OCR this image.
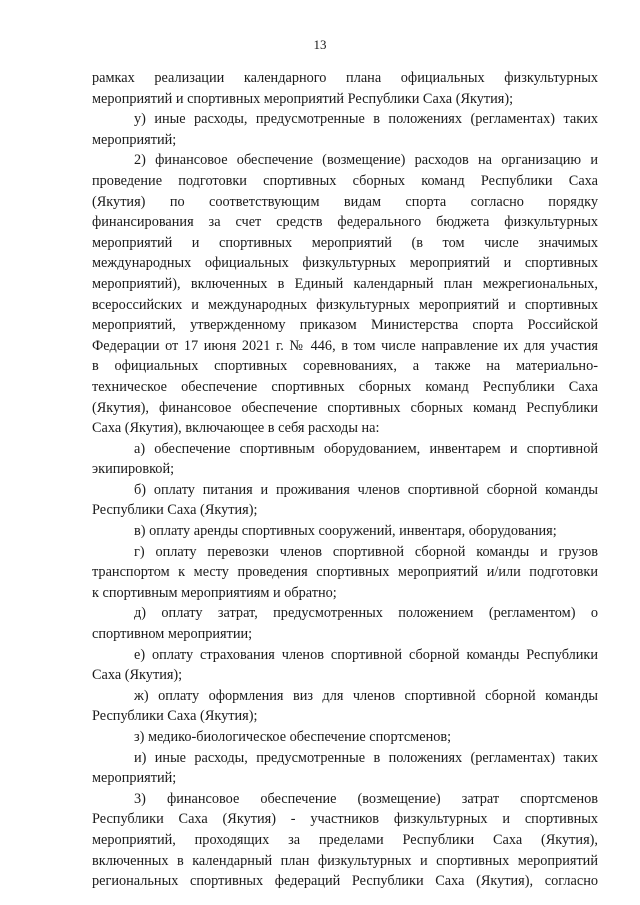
13
рамках реализации календарного плана официальных физкультурных
мероприятий и спортивных мероприятий Республики Саха (Якутия);
у) иные расходы, предусмотренные в положениях (регламентах) таких
мероприятий;
2) финансовое обеспечение (возмещение) расходов на организацию и
проведение подготовки спортивных сборных команд Республики Саха
(Якутия) по соответствующим видам спорта согласно порядку
финансирования за счет средств федерального бюджета физкультурных
мероприятий и спортивных мероприятий (в том числе значимых
международных официальных физкультурных мероприятий и спортивных
мероприятий), включенных в Единый календарный план межрегиональных,
всероссийских и международных физкультурных мероприятий и спортивных
мероприятий, утвержденному приказом Министерства спорта Российской
Федерации от 17 июня 2021 г. № 446, в том числе направление их для участия
в официальных спортивных соревнованиях, а также на материально-
техническое обеспечение спортивных сборных команд Республики Саха
(Якутия), финансовое обеспечение спортивных сборных команд Республики
Саха (Якутия), включающее в себя расходы на:
а) обеспечение спортивным оборудованием, инвентарем и спортивной
экипировкой;
б) оплату питания и проживания членов спортивной сборной команды
Республики Саха (Якутия);
в) оплату аренды спортивных сооружений, инвентаря, оборудования;
г) оплату перевозки членов спортивной сборной команды и грузов
транспортом к месту проведения спортивных мероприятий и/или подготовки
к спортивным мероприятиям и обратно;
д) оплату затрат, предусмотренных положением (регламентом) о
спортивном мероприятии;
е) оплату страхования членов спортивной сборной команды Республики
Саха (Якутия);
ж) оплату оформления виз для членов спортивной сборной команды
Республики Саха (Якутия);
з) медико-биологическое обеспечение спортсменов;
и) иные расходы, предусмотренные в положениях (регламентах) таких
мероприятий;
3) финансовое обеспечение (возмещение) затрат спортсменов
Республики Саха (Якутия) - участников физкультурных и спортивных
мероприятий, проходящих за пределами Республики Саха (Якутия),
включенных в календарный план физкультурных и спортивных мероприятий
региональных спортивных федераций Республики Саха (Якутия), согласно
